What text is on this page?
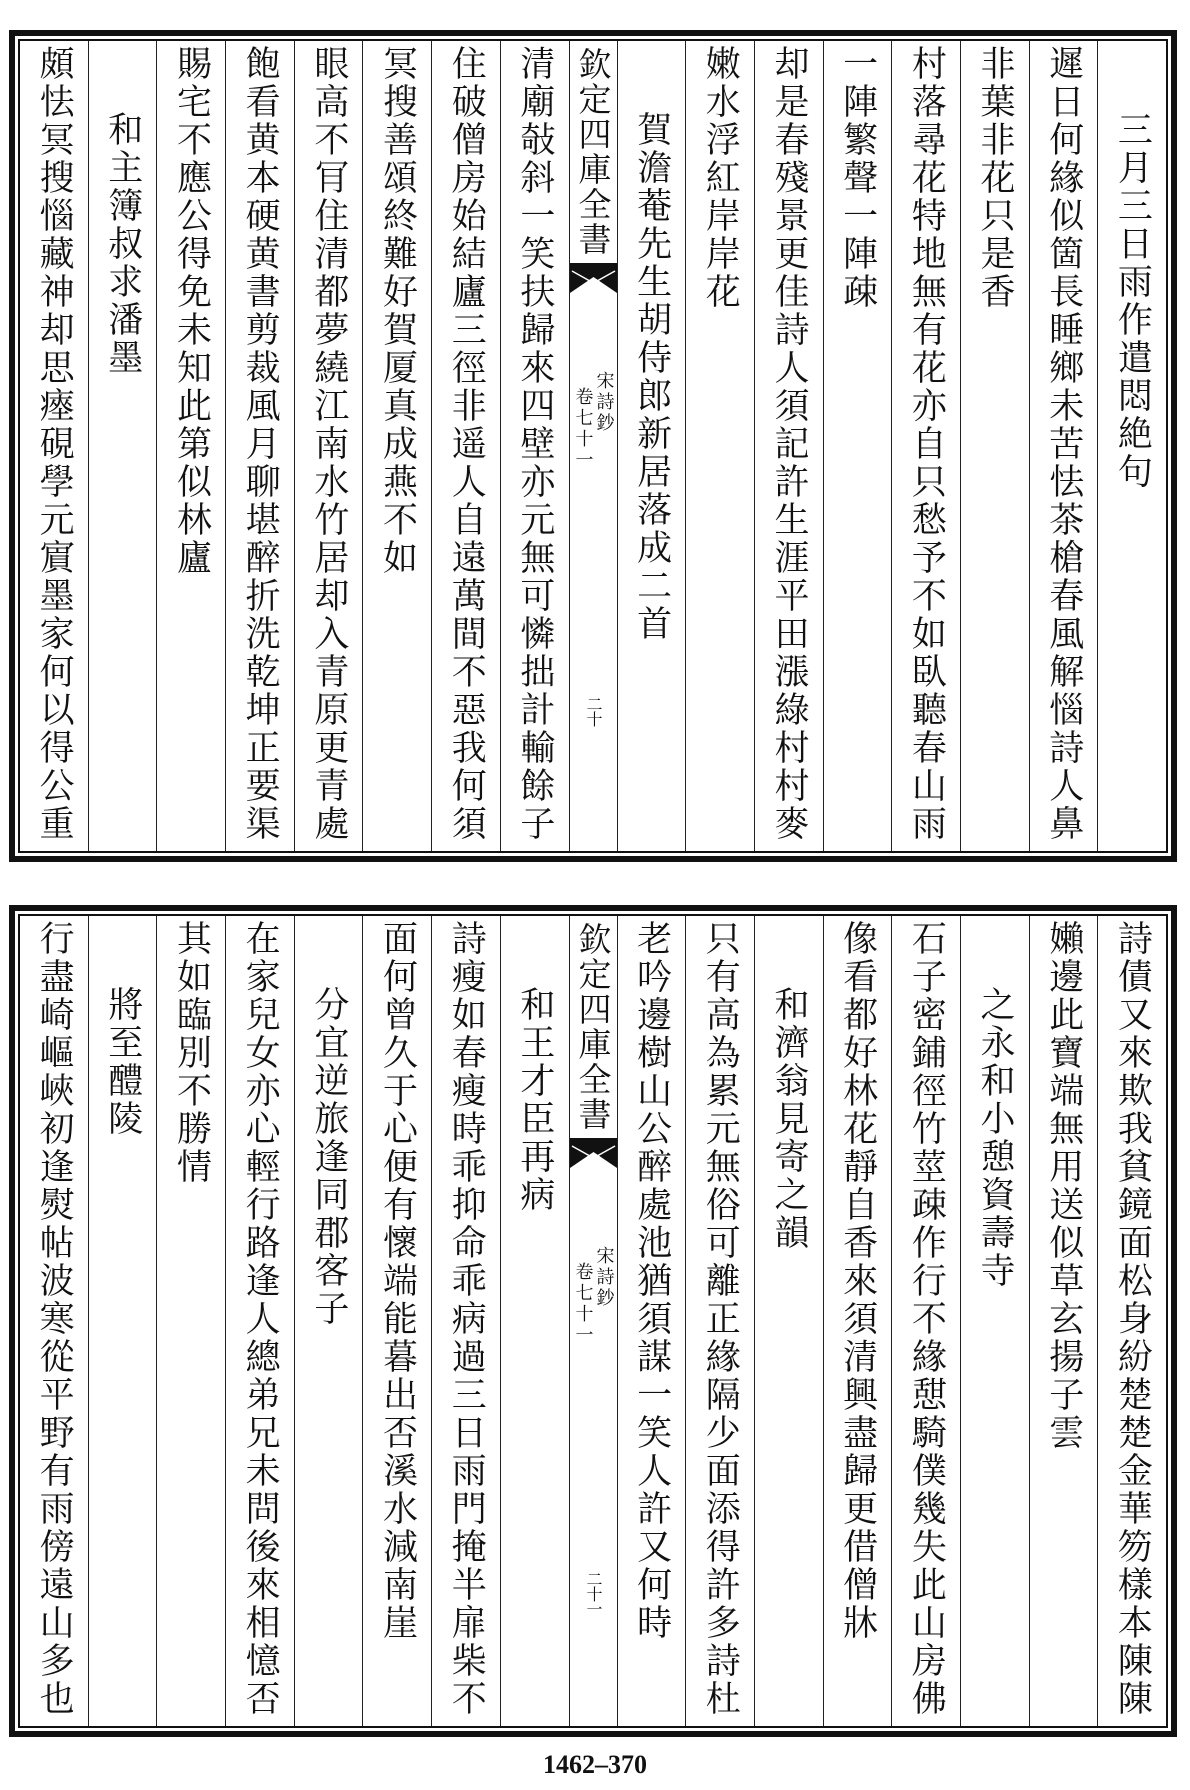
三月三日雨作遣悶絶句
遲日何緣似箇長睡鄉未苦怯茶槍春風解惱詩人鼻
非葉非花只是香
村落尋花特地無有花亦自只愁予不如臥聽春山雨
一陣繁聲一陣疎
却是春殘景更佳詩人須記許生涯平田漲綠村村麥
嫩水浮紅岸岸花
賀澹菴先生胡侍郎新居落成二首
欽定四庫全書
宋詩鈔
卷七十一
二十
清廟敧斜一笑扶歸來四壁亦元無可憐拙計輸餘子
住破僧房始結廬三徑非遥人自遠萬間不惡我何須
冥搜善頌終難好賀厦真成燕不如
眼高不肎住清都夢繞江南水竹居却入青原更青處
飽看黄本硬黄書剪裁風月聊堪醉折洗乾坤正要渠
賜宅不應公得免未知此第似林廬
和主簿叔求潘墨
頗怯冥搜惱藏神却思瘞硯學元賔墨家何以得公重
詩債又來欺我貧鏡面松身紛楚楚金華笏樣本陳陳
嬾邊此寶端無用送似草玄揚子雲
之永和小憩資壽寺
石子密鋪徑竹莖疎作行不緣憇騎僕幾失此山房佛
像看都好林花靜自香來須清興盡歸更借僧牀
和濟翁見寄之韻
只有高為累元無俗可離正緣隔少面添得許多詩杜
老吟邊樹山公醉處池猶須謀一笑人許又何時
欽定四庫全書
宋詩鈔
卷七十一
二十一
和王才臣再病
詩瘦如春瘦時乖抑命乖病過三日雨門掩半扉柴不
面何曾久于心便有懷端能暮出否溪水減南崖
分宜逆旅逢同郡客子
在家兒女亦心輕行路逢人總弟兄未問後來相憶否
其如臨別不勝情
將至醴陵
行盡崎嶇峽初逢熨帖波寒從平野有雨傍遠山多也
1462–370
